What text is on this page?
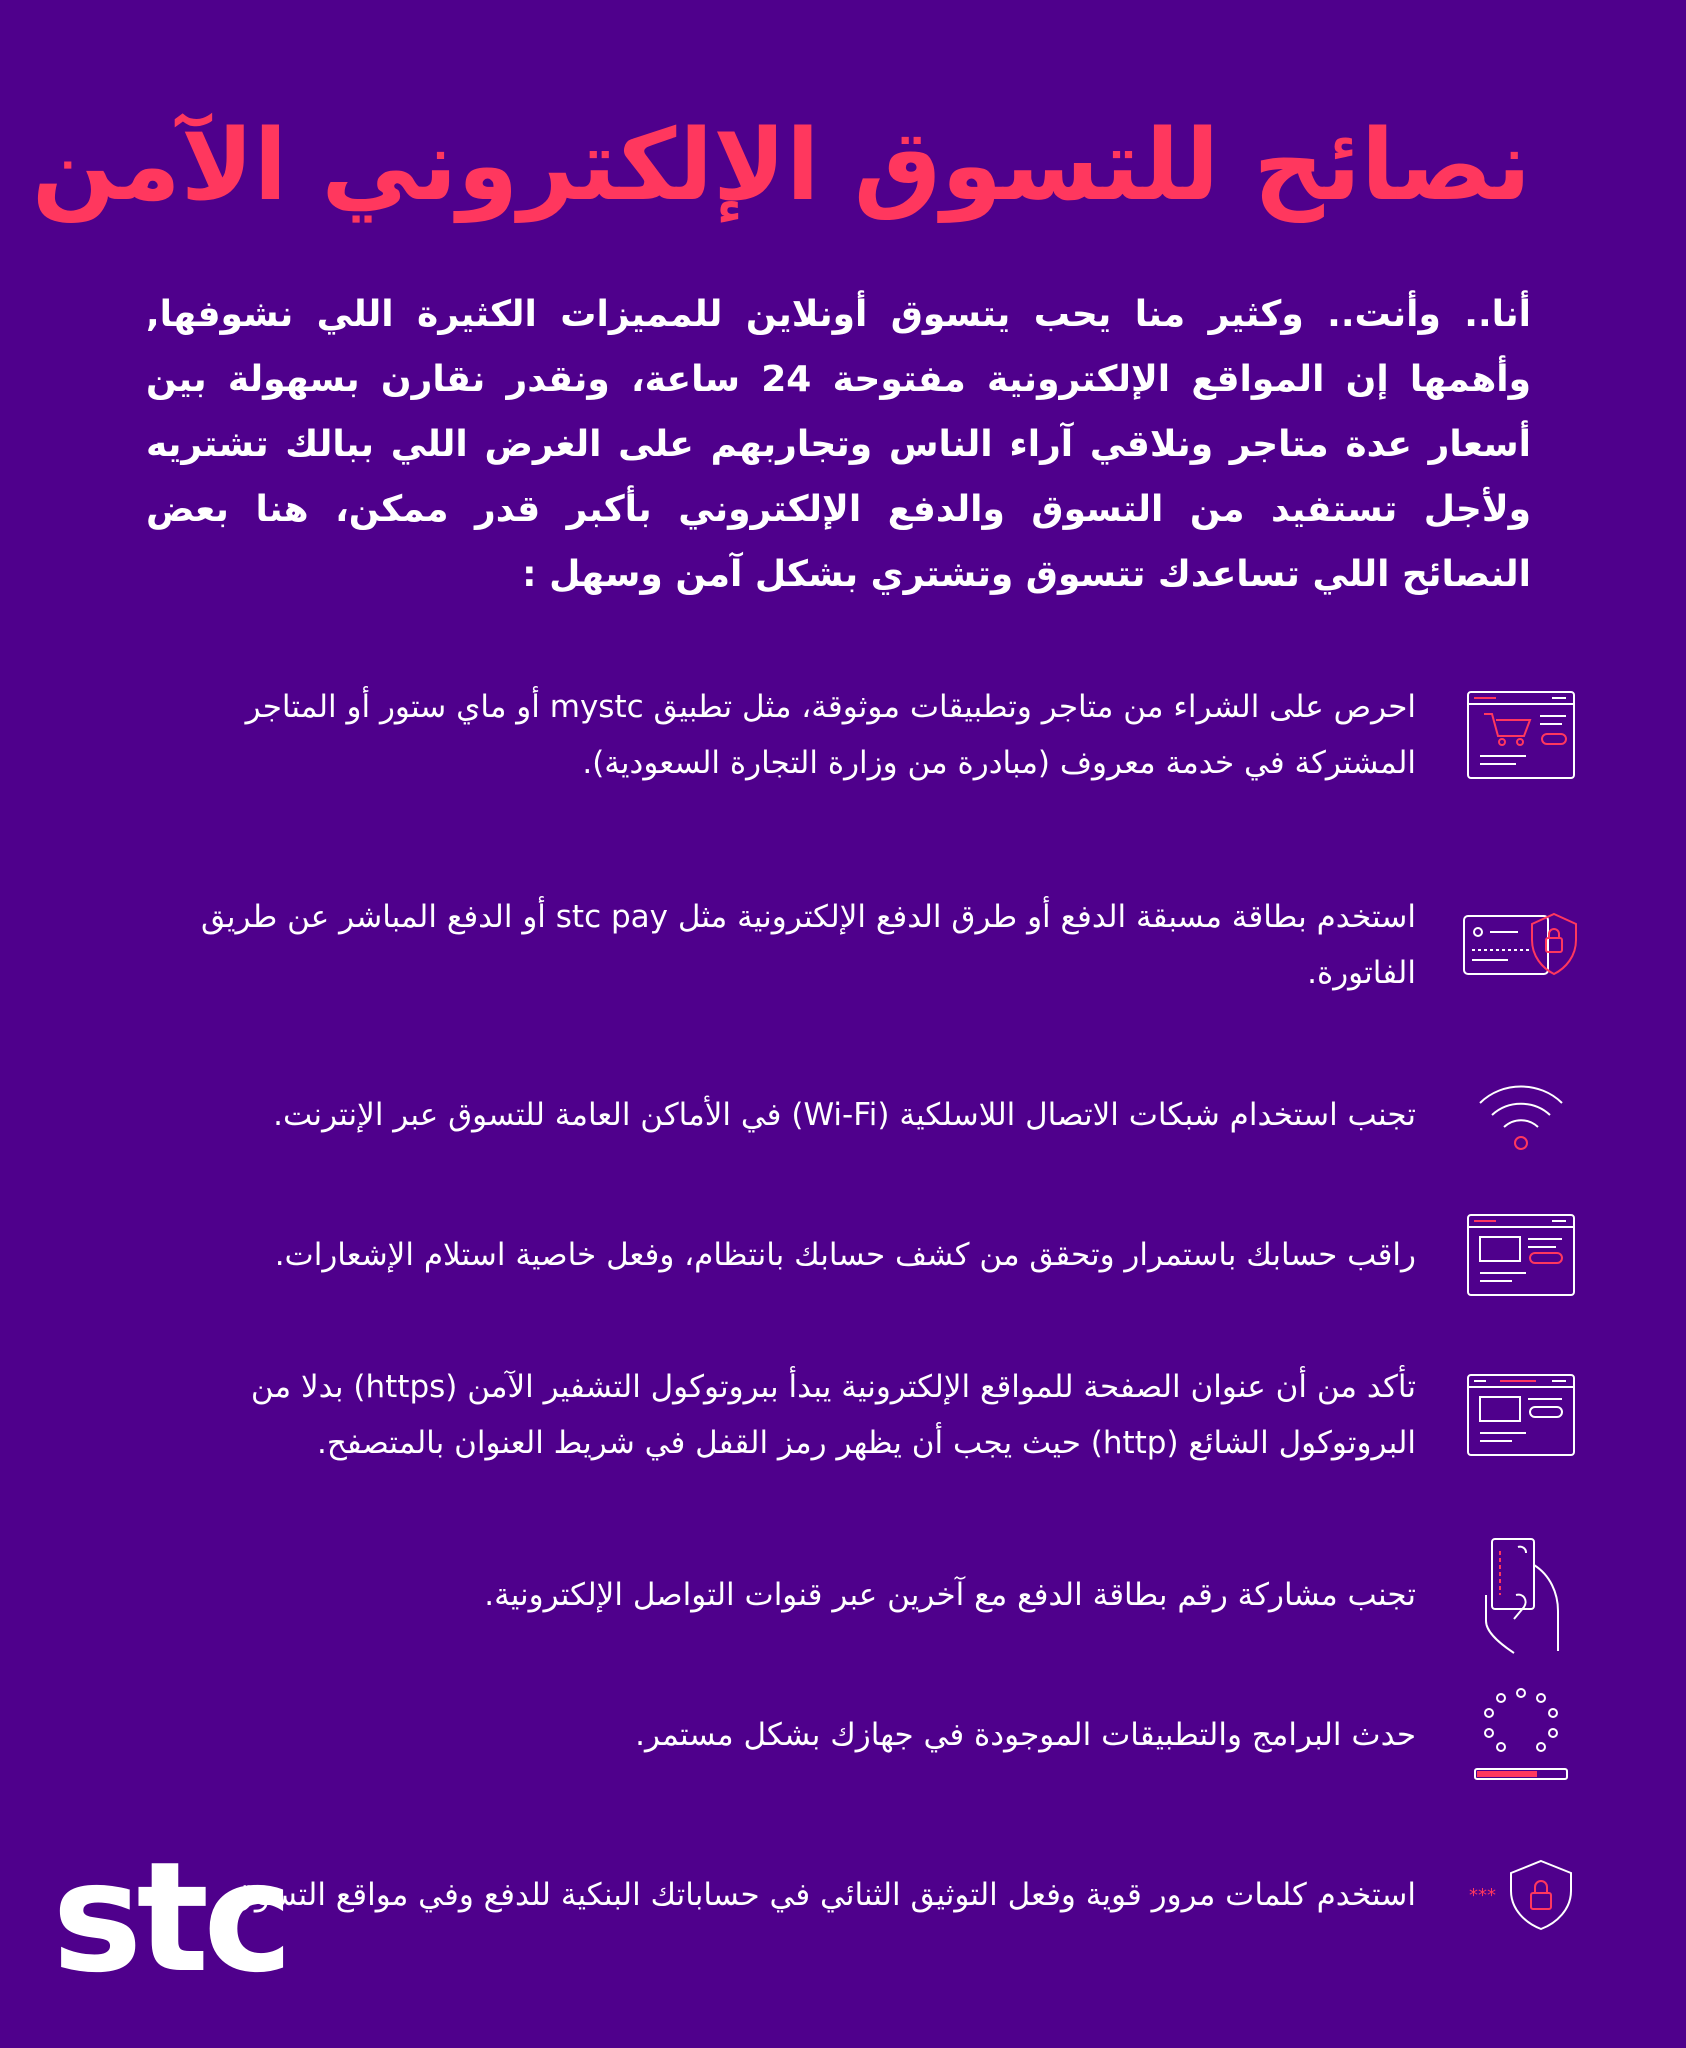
نصائح للتسوق الإلكتروني الآمن
أنا.. وأنت.. وكثير منا يحب يتسوق أونلاين للمميزات الكثيرة اللي نشوفها, وأهمها إن المواقع الإلكترونية مفتوحة 24 ساعة، ونقدر نقارن بسهولة بين أسعار عدة متاجر ونلاقي آراء الناس وتجاربهم على الغرض اللي ببالك تشتريه ولأجل تستفيد من التسوق والدفع الإلكتروني بأكبر قدر ممكن، هنا بعض النصائح اللي تساعدك تتسوق وتشتري بشكل آمن وسهل :
احرص على الشراء من متاجر وتطبيقات موثوقة، مثل تطبيق mystc أو ماي ستور أو المتاجر المشتركة في خدمة معروف (مبادرة من وزارة التجارة السعودية).
استخدم بطاقة مسبقة الدفع أو طرق الدفع الإلكترونية مثل stc pay أو الدفع المباشر عن طريق الفاتورة.
تجنب استخدام شبكات الاتصال اللاسلكية (Wi-Fi) في الأماكن العامة للتسوق عبر الإنترنت.
راقب حسابك باستمرار وتحقق من كشف حسابك بانتظام، وفعل خاصية استلام الإشعارات.
تأكد من أن عنوان الصفحة للمواقع الإلكترونية يبدأ ببروتوكول التشفير الآمن (https) بدلا من البروتوكول الشائع (http) حيث يجب أن يظهر رمز القفل في شريط العنوان بالمتصفح.
تجنب مشاركة رقم بطاقة الدفع مع آخرين عبر قنوات التواصل الإلكترونية.
حدث البرامج والتطبيقات الموجودة في جهازك بشكل مستمر.
***
استخدم كلمات مرور قوية وفعل التوثيق الثنائي في حساباتك البنكية للدفع وفي مواقع التسوق.
stc
